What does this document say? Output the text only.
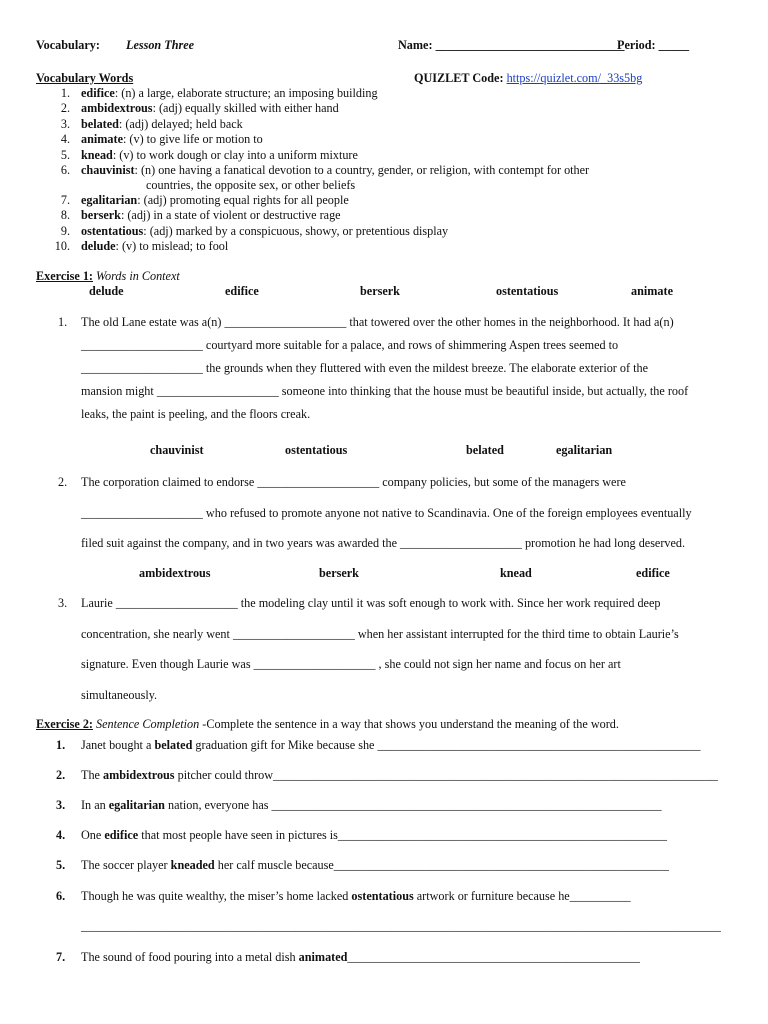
Vocabulary: Lesson Three	Name: _______________________________
Period: _____
Vocabulary Words	QUIZLET Code: https://quizlet.com/_33s5bg
1. edifice: (n) a large, elaborate structure; an imposing building
2. ambidextrous: (adj) equally skilled with either hand
3. belated: (adj) delayed; held back
4. animate: (v) to give life or motion to
5. knead: (v) to work dough or clay into a uniform mixture
6. chauvinist: (n) one having a fanatical devotion to a country, gender, or religion, with contempt for other
countries, the opposite sex, or other beliefs
7. egalitarian: (adj) promoting equal rights for all people
8. berserk: (adj) in a state of violent or destructive rage
9. ostentatious: (adj) marked by a conspicuous, showy, or pretentious display
10. delude: (v) to mislead; to fool
Exercise 1: Words in Context
delude	edifice	berserk	ostentatious	animate
1. The old Lane estate was a(n) ____________________ that towered over the other homes in the neighborhood. It had a(n)
____________________ courtyard more suitable for a palace, and rows of shimmering Aspen trees seemed to
____________________ the grounds when they fluttered with even the mildest breeze. The elaborate exterior of the
mansion might ____________________ someone into thinking that the house must be beautiful inside, but actually, the roof
leaks, the paint is peeling, and the floors creak.
chauvinist	ostentatious	belated	egalitarian
2. The corporation claimed to endorse ____________________ company policies, but some of the managers were
____________________ who refused to promote anyone not native to Scandinavia. One of the foreign employees eventually
filed suit against the company, and in two years was awarded the ____________________ promotion he had long deserved.
ambidextrous	berserk	knead	edifice
3. Laurie ____________________ the modeling clay until it was soft enough to work with. Since her work required deep
concentration, she nearly went ____________________ when her assistant interrupted for the third time to obtain Laurie’s
signature. Even though Laurie was ____________________ , she could not sign her name and focus on her art
simultaneously.
Exercise 2: Sentence Completion -Complete the sentence in a way that shows you understand the meaning of the word.
1. Janet bought a belated graduation gift for Mike because she _____________________________________________________
2. The ambidextrous pitcher could throw_________________________________________________________________________
3. In an egalitarian nation, everyone has ________________________________________________________________
4. One edifice that most people have seen in pictures is______________________________________________________
5. The soccer player kneaded her calf muscle because_______________________________________________________
6. Though he was quite wealthy, the miser’s home lacked ostentatious artwork or furniture because he__________
7. The sound of food pouring into a metal dish animated________________________________________________
_________________________________________________________________________________________________________
